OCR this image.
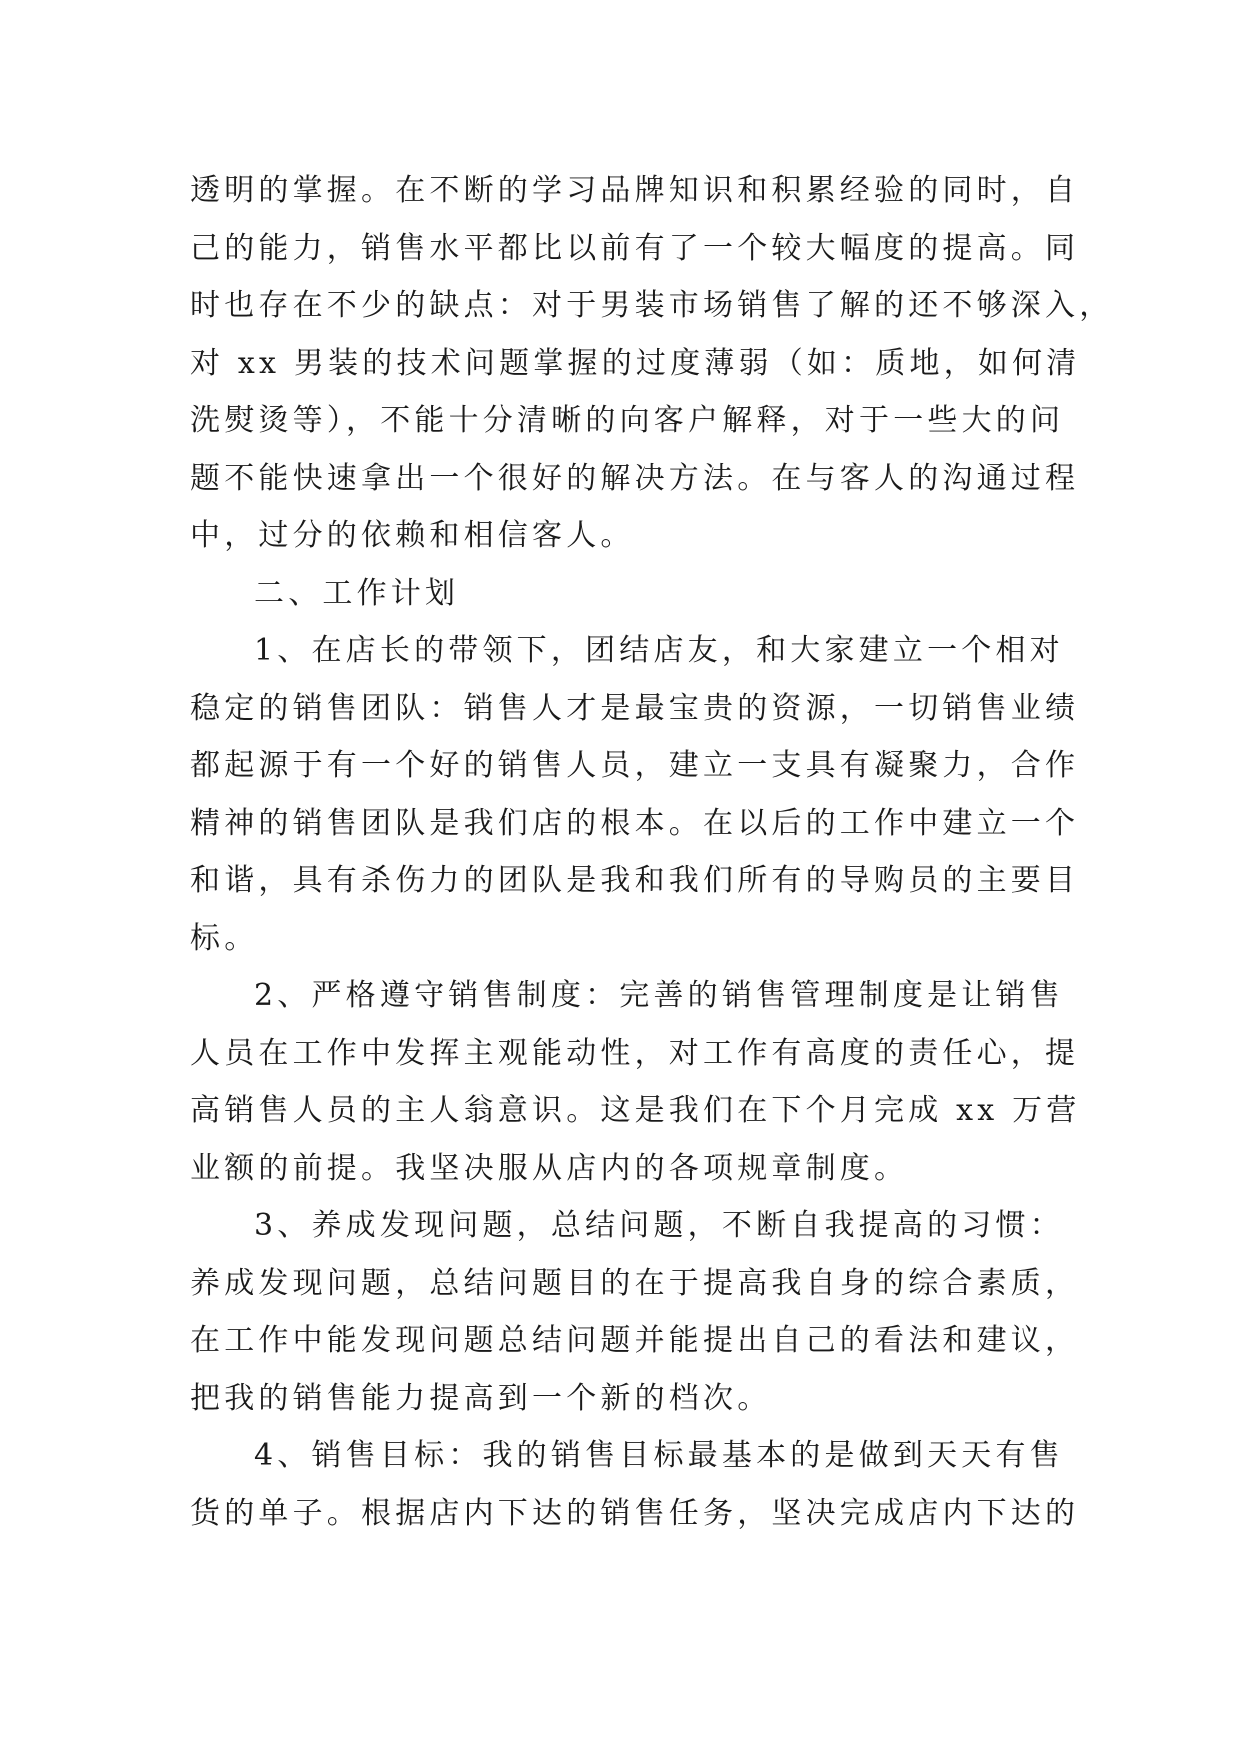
透明的掌握。在不断的学习品牌知识和积累经验的同时，自
己的能力，销售水平都比以前有了一个较大幅度的提高。同
时也存在不少的缺点：对于男装市场销售了解的还不够深入，
对 xx 男装的技术问题掌握的过度薄弱（如：质地，如何清
洗熨烫等），不能十分清晰的向客户解释，对于一些大的问
题不能快速拿出一个很好的解决方法。在与客人的沟通过程
中，过分的依赖和相信客人。
二、工作计划
1、在店长的带领下，团结店友，和大家建立一个相对
稳定的销售团队：销售人才是最宝贵的资源，一切销售业绩
都起源于有一个好的销售人员，建立一支具有凝聚力，合作
精神的销售团队是我们店的根本。在以后的工作中建立一个
和谐，具有杀伤力的团队是我和我们所有的导购员的主要目
标。
2、严格遵守销售制度：完善的销售管理制度是让销售
人员在工作中发挥主观能动性，对工作有高度的责任心，提
高销售人员的主人翁意识。这是我们在下个月完成 xx 万营
业额的前提。我坚决服从店内的各项规章制度。
3、养成发现问题，总结问题，不断自我提高的习惯：
养成发现问题，总结问题目的在于提高我自身的综合素质，
在工作中能发现问题总结问题并能提出自己的看法和建议，
把我的销售能力提高到一个新的档次。
4、销售目标：我的销售目标最基本的是做到天天有售
货的单子。根据店内下达的销售任务，坚决完成店内下达的
